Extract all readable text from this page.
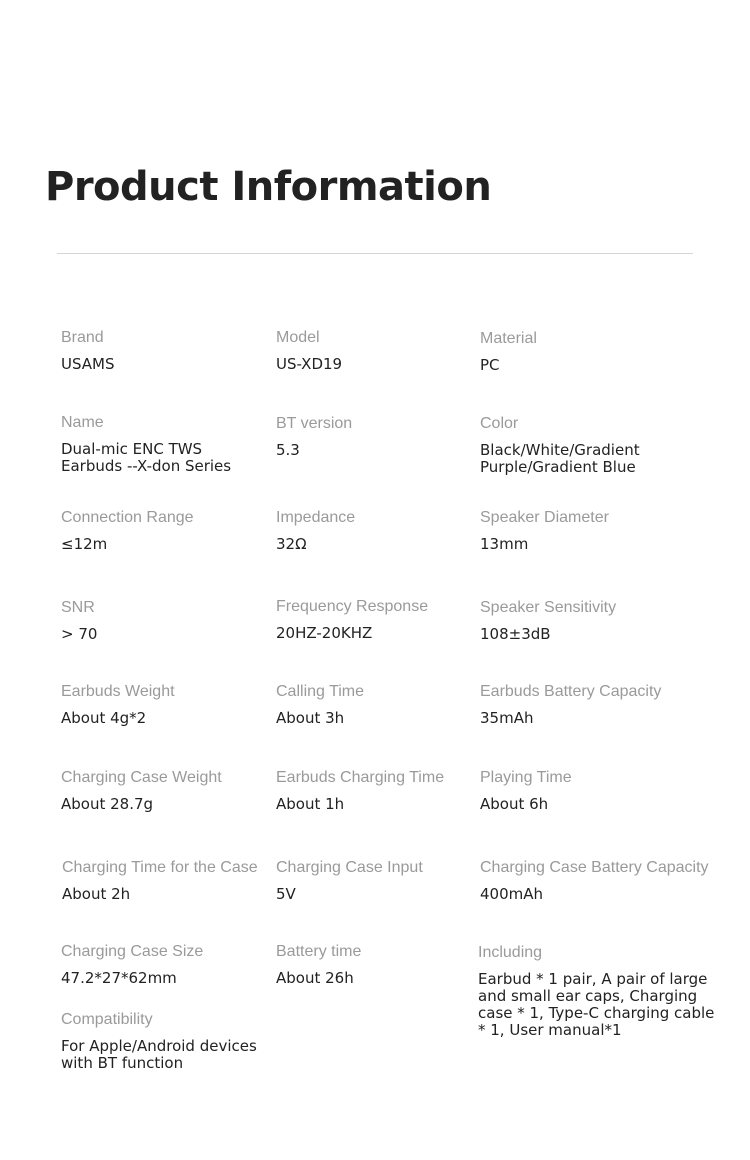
Product Information
Brand
USAMS
Model
US-XD19
Material
PC
Name
Dual-mic ENC TWS Earbuds --X-don Series
BT version
5.3
Color
Black/White/Gradient Purple/Gradient Blue
Connection Range
≤12m
Impedance
32Ω
Speaker Diameter
13mm
SNR
> 70
Frequency Response
20HZ-20KHZ
Speaker Sensitivity
108±3dB
Earbuds Weight
About 4g*2
Calling Time
About 3h
Earbuds Battery Capacity
35mAh
Charging Case Weight
About 28.7g
Earbuds Charging Time
About 1h
Playing Time
About 6h
Charging Time for the Case
About 2h
Charging Case Input
5V
Charging Case Battery Capacity
400mAh
Charging Case Size
47.2*27*62mm
Battery time
About 26h
Including
Earbud * 1 pair, A pair of large and small ear caps, Charging case * 1, Type-C charging cable * 1, User manual*1
Compatibility
For Apple/Android devices with BT function
